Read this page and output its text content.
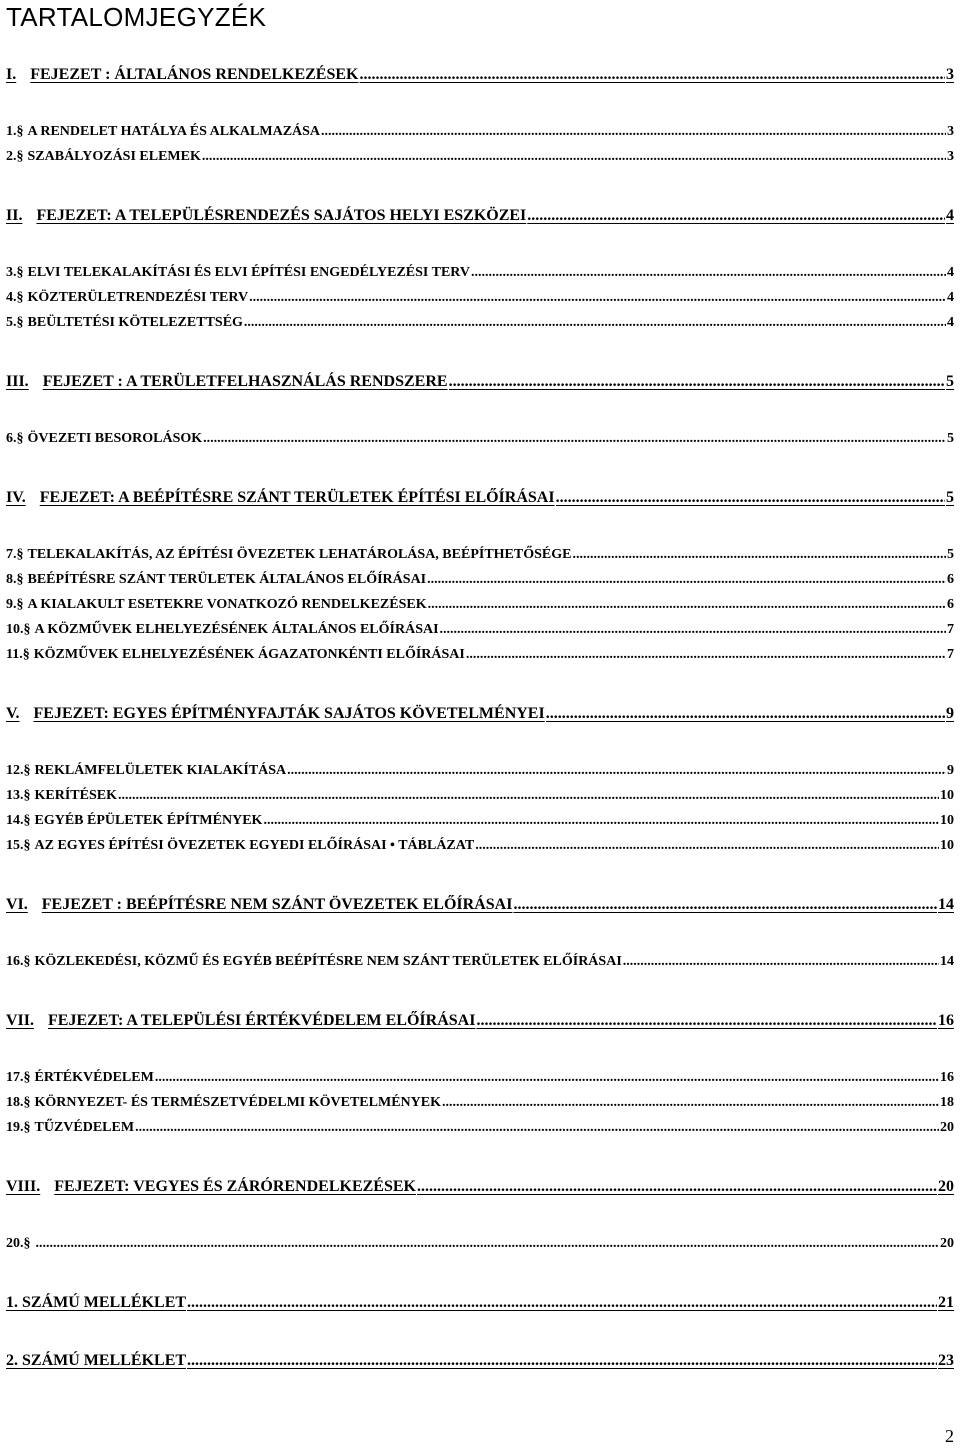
TARTALOMJEGYZÉK
I. FEJEZET : ÁLTALÁNOS RENDELKEZÉSEK .....	3
1. § A RENDELET HATÁLYA ÉS ALKALMAZÁSA .....	3
2. § SZABÁLYOZÁSI ELEMEK .....	3
II. FEJEZET: A TELEPÜLÉSRENDEZÉS SAJÁTOS HELYI ESZKÖZEI .....	4
3. § ELVI TELEKALAKÍTÁSI ÉS ELVI ÉPÍTÉSI ENGEDÉLYEZÉSI TERV .....	4
4. § KÖZTERÜLETRENDEZÉSI TERV .....	4
5. § BEÜLTETÉSI KÖTELEZETTSÉG .....	4
III. FEJEZET : A TERÜLETFELHASZNÁLÁS RENDSZERE .....	5
6. § ÖVEZETI BESOROLÁSOK .....	5
IV. FEJEZET: A BEÉPÍTÉSRE SZÁNT TERÜLETEK ÉPÍTÉSI ELŐÍRÁSAI .....	5
7. § TELEKALAKÍTÁS, AZ ÉPÍTÉSI ÖVEZETEK LEHATÁROLÁSA, BEÉPÍTHETŐSÉGE .....	5
8. § BEÉPÍTÉSRE SZÁNT TERÜLETEK ÁLTALÁNOS ELŐÍRÁSAI .....	6
9. § A KIALAKULT ESETEKRE VONATKOZÓ RENDELKEZÉSEK .....	6
10. § A KÖZMŰVEK ELHELYEZÉSÉNEK ÁLTALÁNOS ELŐÍRÁSAI .....	7
11. § KÖZMŰVEK ELHELYEZÉSÉNEK ÁGAZATONKÉNTI ELŐÍRÁSAI .....	7
V. FEJEZET: EGYES ÉPÍTMÉNYFAJTÁK SAJÁTOS KÖVETELMÉNYEI .....	9
12. § REKLÁMFELÜLETEK KIALAKÍTÁSA .....	9
13. § KERÍTÉSEK .....	10
14. § EGYÉB ÉPÜLETEK ÉPÍTMÉNYEK .....	10
15. § AZ EGYES ÉPÍTÉSI ÖVEZETEK EGYEDI ELŐÍRÁSAI • TÁBLÁZAT .....	10
VI. FEJEZET : BEÉPÍTÉSRE NEM SZÁNT ÖVEZETEK ELŐÍRÁSAI .....	14
16. § KÖZLEKEDÉSI, KÖZMŰ ÉS EGYÉB BEÉPÍTÉSRE NEM SZÁNT TERÜLETEK ELŐÍRÁSAI .....	14
VII. FEJEZET: A TELEPÜLÉSI ÉRTÉKVÉDELEM ELŐÍRÁSAI .....	16
17. § ÉRTÉKVÉDELEM .....	16
18. § KÖRNYEZET- ÉS TERMÉSZETVÉDELMI KÖVETELMÉNYEK .....	18
19. § TŰZVÉDELEM .....	20
VIII. FEJEZET: VEGYES ÉS ZÁRÓRENDELKEZÉSEK .....	20
20. § .....	20
1. SZÁMÚ MELLÉKLET .....	21
2. SZÁMÚ MELLÉKLET .....	23
2
